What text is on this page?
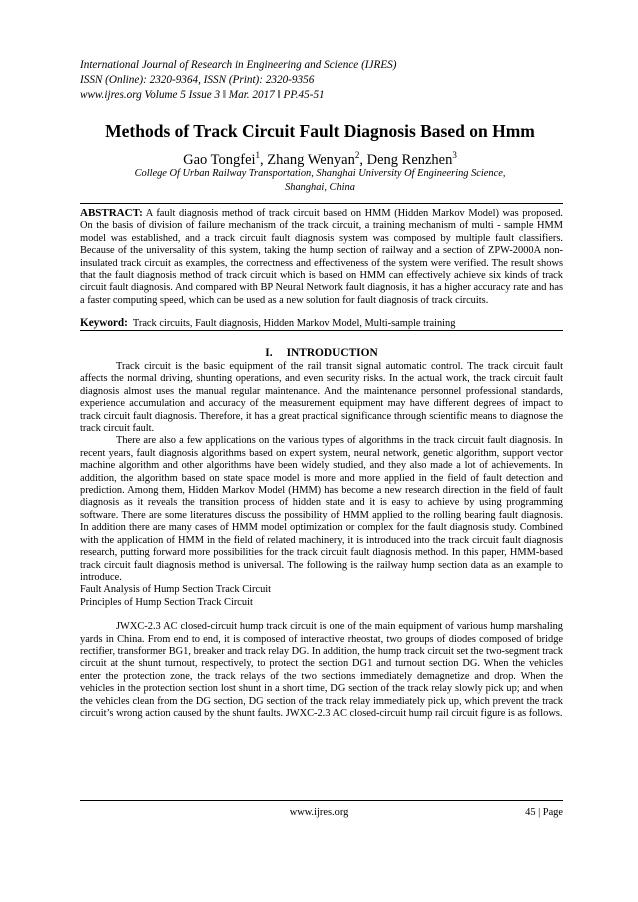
International Journal of Research in Engineering and Science (IJRES)
ISSN (Online): 2320-9364, ISSN (Print): 2320-9356
www.ijres.org Volume 5 Issue 3 ǁ Mar. 2017 ǁ PP.45-51
Methods of Track Circuit Fault Diagnosis Based on Hmm
Gao Tongfei$^1$, Zhang Wenyan$^2$, Deng Renzhen$^3$
College Of Urban Railway Transportation, Shanghai University Of Engineering Science,
Shanghai, China
ABSTRACT: A fault diagnosis method of track circuit based on HMM (Hidden Markov Model) was proposed. On the basis of division of failure mechanism of the track circuit, a training mechanism of multi - sample HMM model was established, and a track circuit fault diagnosis system was composed by multiple fault classifiers. Because of the universality of this system, taking the hump section of railway and a section of ZPW-2000A non-insulated track circuit as examples, the correctness and effectiveness of the system were verified. The result shows that the fault diagnosis method of track circuit which is based on HMM can effectively achieve six kinds of track circuit fault diagnosis. And compared with BP Neural Network fault diagnosis, it has a higher accuracy rate and has a faster computing speed, which can be used as a new solution for fault diagnosis of track circuits.
Keyword: Track circuits, Fault diagnosis, Hidden Markov Model, Multi-sample training
I. INTRODUCTION

Track circuit is the basic equipment of the rail transit signal automatic control. The track circuit fault affects the normal driving, shunting operations, and even security risks. In the actual work, the track circuit fault diagnosis almost uses the manual regular maintenance. And the maintenance personnel professional standards, experience accumulation and accuracy of the measurement equipment may have different degrees of impact to track circuit fault diagnosis. Therefore, it has a great practical significance through scientific means to diagnose the track circuit fault.

There are also a few applications on the various types of algorithms in the track circuit fault diagnosis. In recent years, fault diagnosis algorithms based on expert system, neural network, genetic algorithm, support vector machine algorithm and other algorithms have been widely studied, and they also made a lot of achievements. In addition, the algorithm based on state space model is more and more applied in the field of fault detection and prediction. Among them, Hidden Markov Model (HMM) has become a new research direction in the field of fault diagnosis as it reveals the transition process of hidden state and it is easy to achieve by using programming software. There are some literatures discuss the possibility of HMM applied to the rolling bearing fault diagnosis. In addition there are many cases of HMM model optimization or complex for the fault diagnosis study. Combined with the application of HMM in the field of related machinery, it is introduced into the track circuit fault diagnosis research, putting forward more possibilities for the track circuit fault diagnosis method. In this paper, HMM-based track circuit fault diagnosis method is universal. The following is the railway hump section data as an example to introduce.

Fault Analysis of Hump Section Track Circuit

Principles of Hump Section Track Circuit

JWXC-2.3 AC closed-circuit hump track circuit is one of the main equipment of various hump marshaling yards in China. From end to end, it is composed of interactive rheostat, two groups of diodes composed of bridge rectifier, transformer BG1, breaker and track relay DG. In addition, the hump track circuit set the two-segment track circuit at the shunt turnout, respectively, to protect the section DG1 and turnout section DG. When the vehicles enter the protection zone, the track relays of the two sections immediately demagnetize and drop. When the vehicles in the protection section lost shunt in a short time, DG section of the track relay slowly pick up; and when the vehicles clean from the DG section, DG section of the track relay immediately pick up, which prevent the track circuit’s wrong action caused by the shunt faults. JWXC-2.3 AC closed-circuit hump rail circuit figure is as follows.

www.ijres.org	45 | Page
